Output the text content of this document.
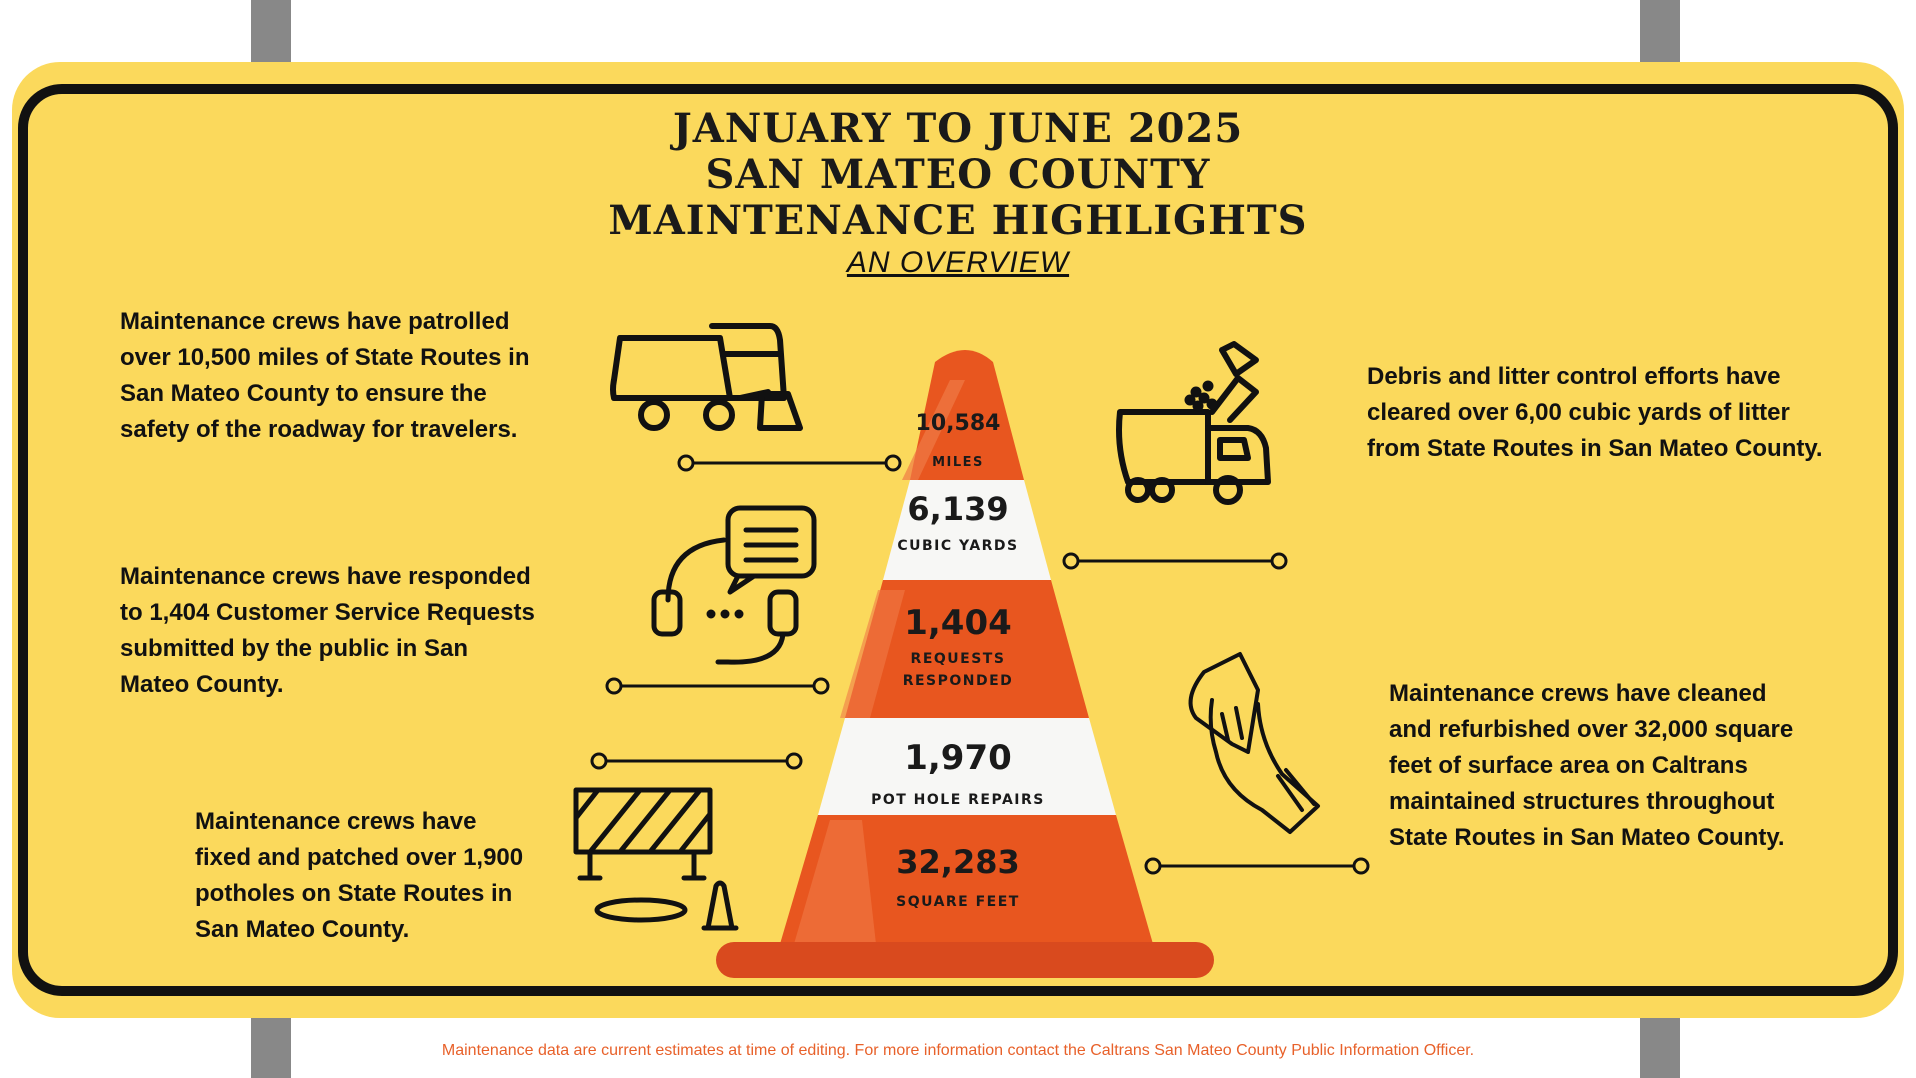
JANUARY TO JUNE 2025
SAN MATEO COUNTY
MAINTENANCE HIGHLIGHTS
AN OVERVIEW
Maintenance crews have patrolled
over 10,500 miles of State Routes in
San Mateo County to ensure the
safety of the roadway for travelers.
Maintenance crews have responded
to 1,404 Customer Service Requests
submitted by the public in San
Mateo County.
Maintenance crews have
fixed and patched over 1,900
potholes on State Routes in
San Mateo County.
Debris and litter control efforts have
cleared over 6,00 cubic yards of litter
from State Routes in San Mateo County.
Maintenance crews have cleaned
and refurbished over 32,000 square
feet of surface area on Caltrans
maintained structures throughout
State Routes in San Mateo County.
10,584
MILES
6,139
CUBIC YARDS
1,404
REQUESTS
RESPONDED
1,970
POT HOLE REPAIRS
32,283
SQUARE FEET
Maintenance data are current estimates at time of editing. For more information contact the Caltrans San Mateo County Public Information Officer.
